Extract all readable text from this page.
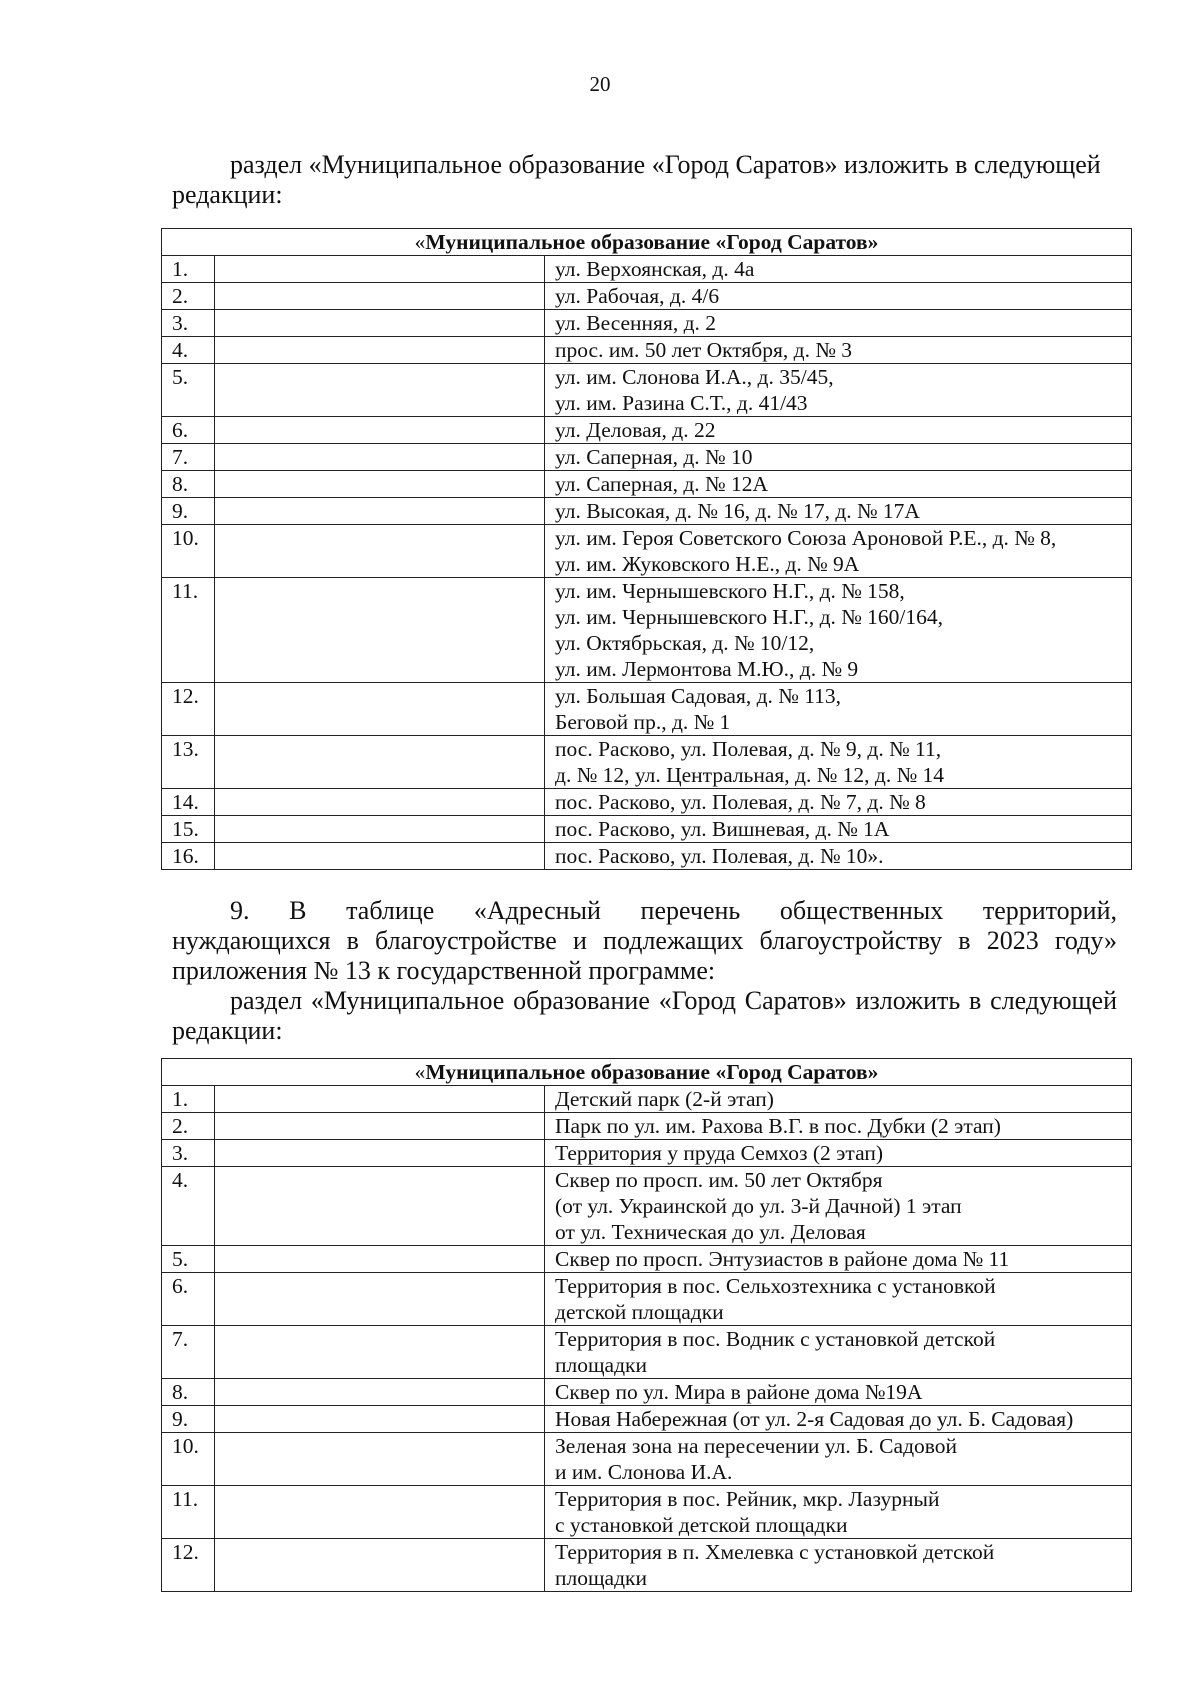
20

раздел «Муниципальное образование «Город Саратов» изложить в следующей редакции:

«Муниципальное образование «Город Саратов»		
1.		ул. Верхоянская, д. 4а
2.		ул. Рабочая, д. 4/6
3.		ул. Весенняя, д. 2
4.		прос. им. 50 лет Октября, д. № 3
5.		ул. им. Слонова И.А., д. 35/45,
ул. им. Разина С.Т., д. 41/43
6.		ул. Деловая, д. 22
7.		ул. Саперная, д. № 10
8.		ул. Саперная, д. № 12А
9.		ул. Высокая, д. № 16, д. № 17, д. № 17А
10.		ул. им. Героя Советского Союза Ароновой Р.Е., д. № 8,
ул. им. Жуковского Н.Е., д. № 9А
11.		ул. им. Чернышевского Н.Г., д. № 158,
ул. им. Чернышевского Н.Г., д. № 160/164,
ул. Октябрьская, д. № 10/12,
ул. им. Лермонтова М.Ю., д. № 9
12.		ул. Большая Садовая, д. № 113,
Беговой пр., д. № 1
13.		пос. Расково, ул. Полевая, д. № 9, д. № 11,
д. № 12, ул. Центральная, д. № 12, д. № 14
14.		пос. Расково, ул. Полевая, д. № 7, д. № 8
15.		пос. Расково, ул. Вишневая, д. № 1А
16.		пос. Расково, ул. Полевая, д. № 10».

9. В таблице «Адресный перечень общественных территорий,

нуждающихся в благоустройстве и подлежащих благоустройству в 2023 году»

приложения № 13 к государственной программе:

раздел «Муниципальное образование «Город Саратов» изложить в следующей редакции:

«Муниципальное образование «Город Саратов»		
1.		Детский парк (2-й этап)
2.		Парк по ул. им. Рахова В.Г. в пос. Дубки (2 этап)
3.		Территория у пруда Семхоз (2 этап)
4.		Сквер по просп. им. 50 лет Октября
(от ул. Украинской до ул. 3-й Дачной) 1 этап
от ул. Техническая до ул. Деловая
5.		Сквер по просп. Энтузиастов в районе дома № 11
6.		Территория в пос. Сельхозтехника с установкой
детской площадки
7.		Территория в пос. Водник с установкой детской
площадки
8.		Сквер по ул. Мира в районе дома №19А
9.		Новая Набережная (от ул. 2-я Садовая до ул. Б. Садовая)
10.		Зеленая зона на пересечении ул. Б. Садовой
и им. Слонова И.А.
11.		Территория в пос. Рейник, мкр. Лазурный
с установкой детской площадки
12.		Территория в п. Хмелевка с установкой детской
площадки
